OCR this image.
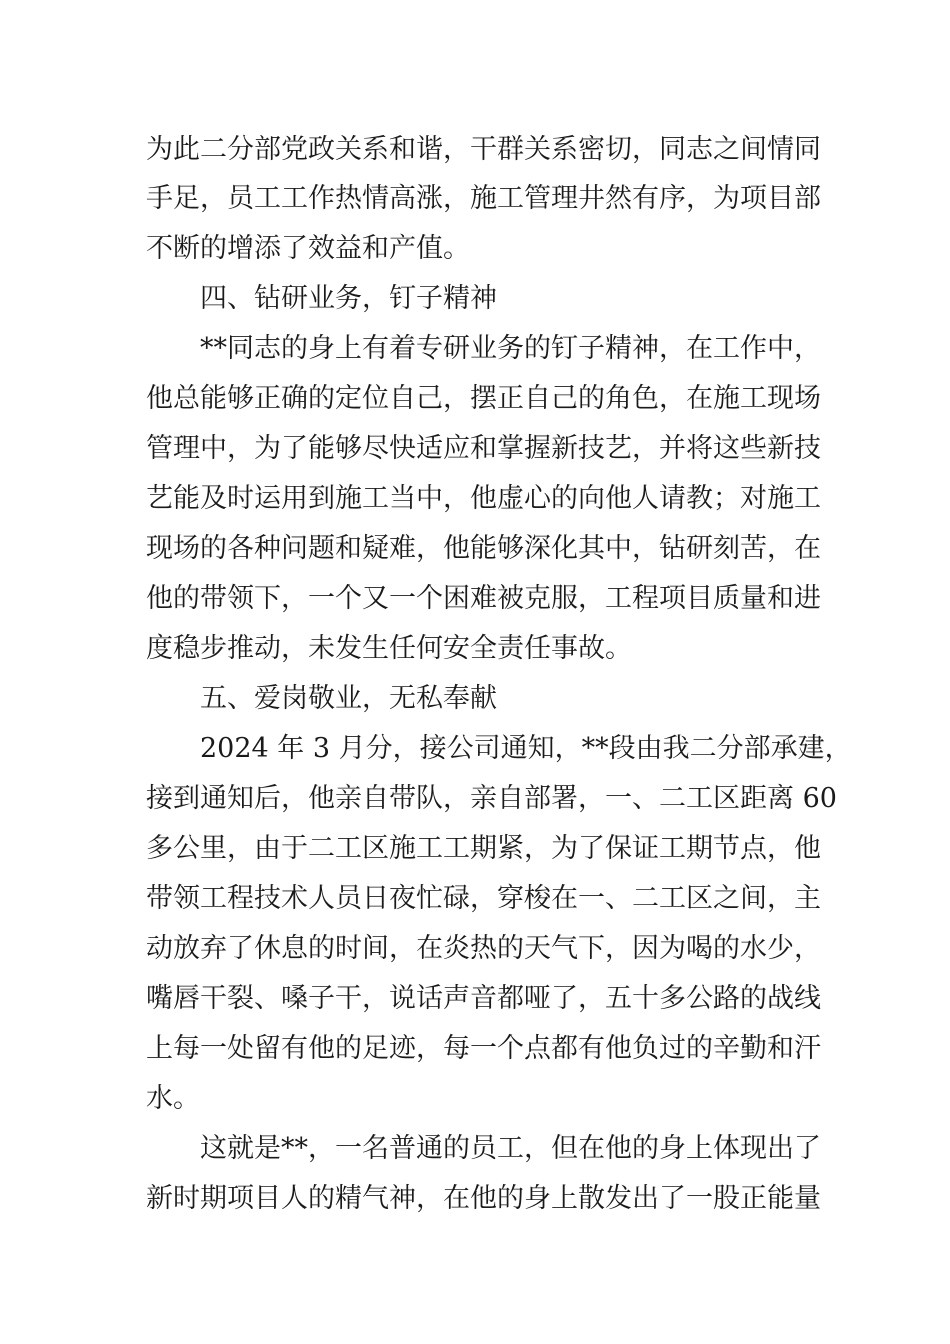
为此二分部党政关系和谐，干群关系密切，同志之间情同

手足，员工工作热情高涨，施工管理井然有序，为项目部

不断的增添了效益和产值。

四、钻研业务，钉子精神

**同志的身上有着专研业务的钉子精神，在工作中，

他总能够正确的定位自己，摆正自己的角色，在施工现场

管理中，为了能够尽快适应和掌握新技艺，并将这些新技

艺能及时运用到施工当中，他虚心的向他人请教；对施工

现场的各种问题和疑难，他能够深化其中，钻研刻苦，在

他的带领下，一个又一个困难被克服，工程项目质量和进

度稳步推动，未发生任何安全责任事故。

五、爱岗敬业，无私奉献

2024 年 3 月分，接公司通知，**段由我二分部承建，

接到通知后，他亲自带队，亲自部署，一、二工区距离 60

多公里，由于二工区施工工期紧，为了保证工期节点，他

带领工程技术人员日夜忙碌，穿梭在一、二工区之间，主

动放弃了休息的时间，在炎热的天气下，因为喝的水少，

嘴唇干裂、嗓子干，说话声音都哑了，五十多公路的战线

上每一处留有他的足迹，每一个点都有他负过的辛勤和汗

水。

这就是**，一名普通的员工，但在他的身上体现出了

新时期项目人的精气神，在他的身上散发出了一股正能量
